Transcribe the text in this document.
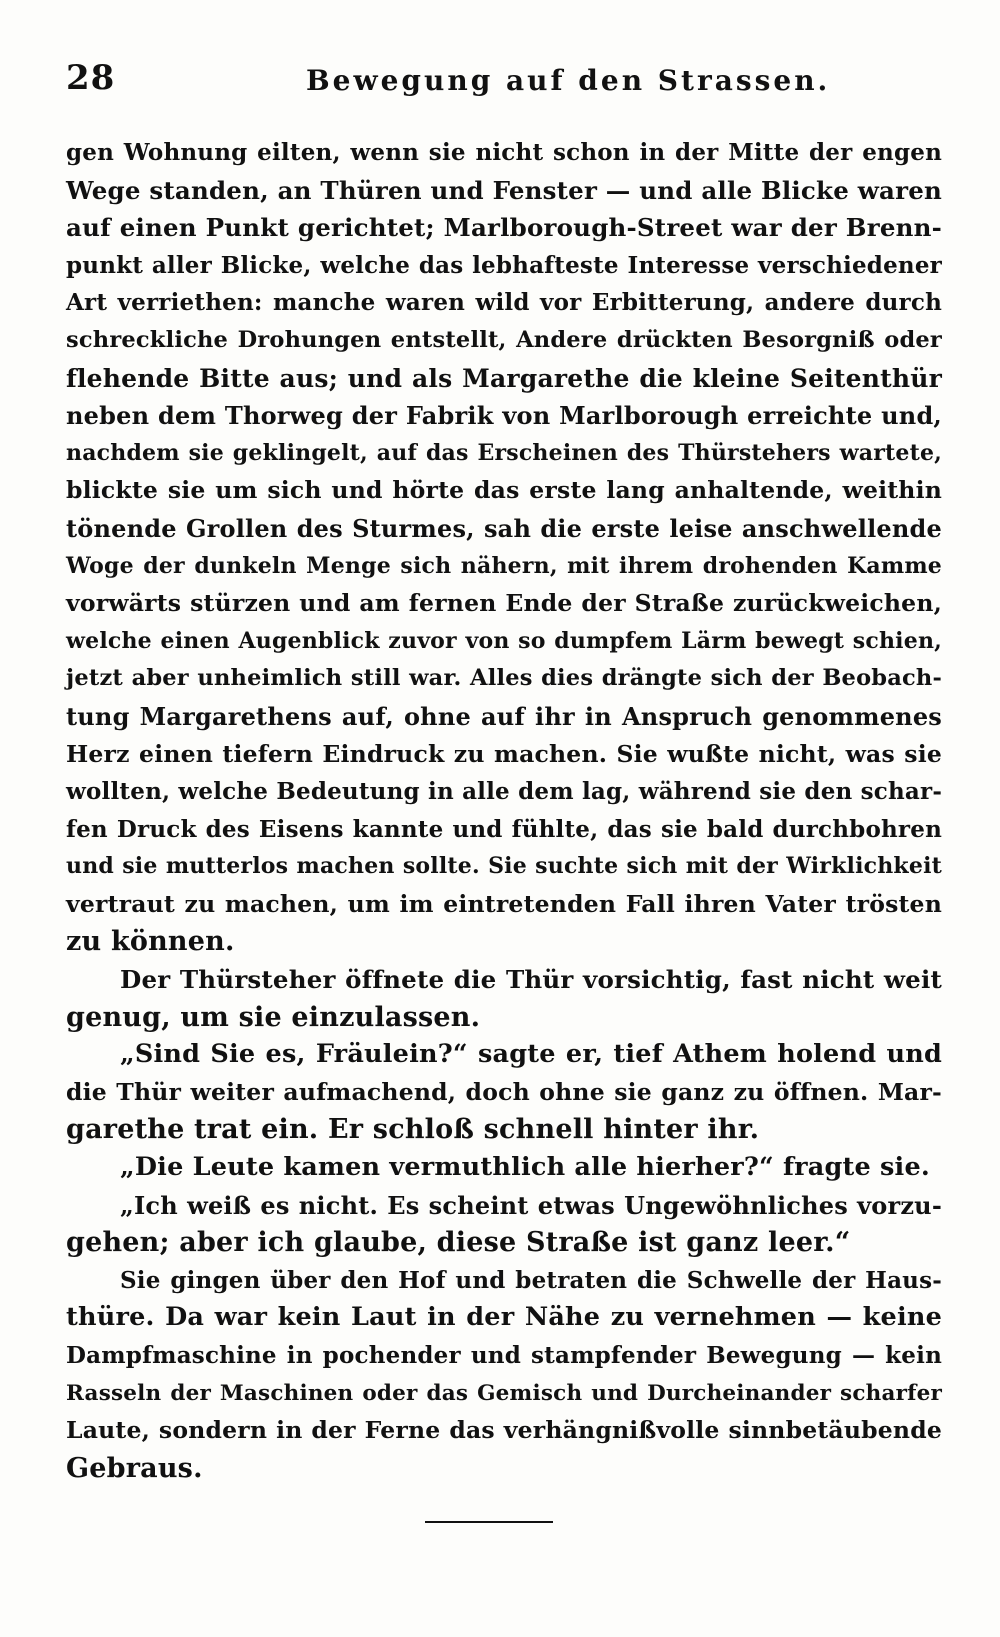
28	Bewegung auf den Strassen.
gen Wohnung eilten, wenn sie nicht schon in der Mitte der engen
Wege standen, an Thüren und Fenster — und alle Blicke waren
auf einen Punkt gerichtet; Marlborough-Street war der Brenn-
punkt aller Blicke, welche das lebhafteste Interesse verschiedener
Art verriethen: manche waren wild vor Erbitterung, andere durch
schreckliche Drohungen entstellt, Andere drückten Besorgniß oder
flehende Bitte aus; und als Margarethe die kleine Seitenthür
neben dem Thorweg der Fabrik von Marlborough erreichte und,
nachdem sie geklingelt, auf das Erscheinen des Thürstehers wartete,
blickte sie um sich und hörte das erste lang anhaltende, weithin
tönende Grollen des Sturmes, sah die erste leise anschwellende
Woge der dunkeln Menge sich nähern, mit ihrem drohenden Kamme
vorwärts stürzen und am fernen Ende der Straße zurückweichen,
welche einen Augenblick zuvor von so dumpfem Lärm bewegt schien,
jetzt aber unheimlich still war. Alles dies drängte sich der Beobach-
tung Margarethens auf, ohne auf ihr in Anspruch genommenes
Herz einen tiefern Eindruck zu machen. Sie wußte nicht, was sie
wollten, welche Bedeutung in alle dem lag, während sie den schar-
fen Druck des Eisens kannte und fühlte, das sie bald durchbohren
und sie mutterlos machen sollte. Sie suchte sich mit der Wirklichkeit
vertraut zu machen, um im eintretenden Fall ihren Vater trösten
zu können.
Der Thürsteher öffnete die Thür vorsichtig, fast nicht weit
genug, um sie einzulassen.
„Sind Sie es, Fräulein?“ sagte er, tief Athem holend und
die Thür weiter aufmachend, doch ohne sie ganz zu öffnen. Mar-
garethe trat ein. Er schloß schnell hinter ihr.
„Die Leute kamen vermuthlich alle hierher?“ fragte sie.
„Ich weiß es nicht. Es scheint etwas Ungewöhnliches vorzu-
gehen; aber ich glaube, diese Straße ist ganz leer.“
Sie gingen über den Hof und betraten die Schwelle der Haus-
thüre. Da war kein Laut in der Nähe zu vernehmen — keine
Dampfmaschine in pochender und stampfender Bewegung — kein
Rasseln der Maschinen oder das Gemisch und Durcheinander scharfer
Laute, sondern in der Ferne das verhängnißvolle sinnbetäubende
Gebraus.
